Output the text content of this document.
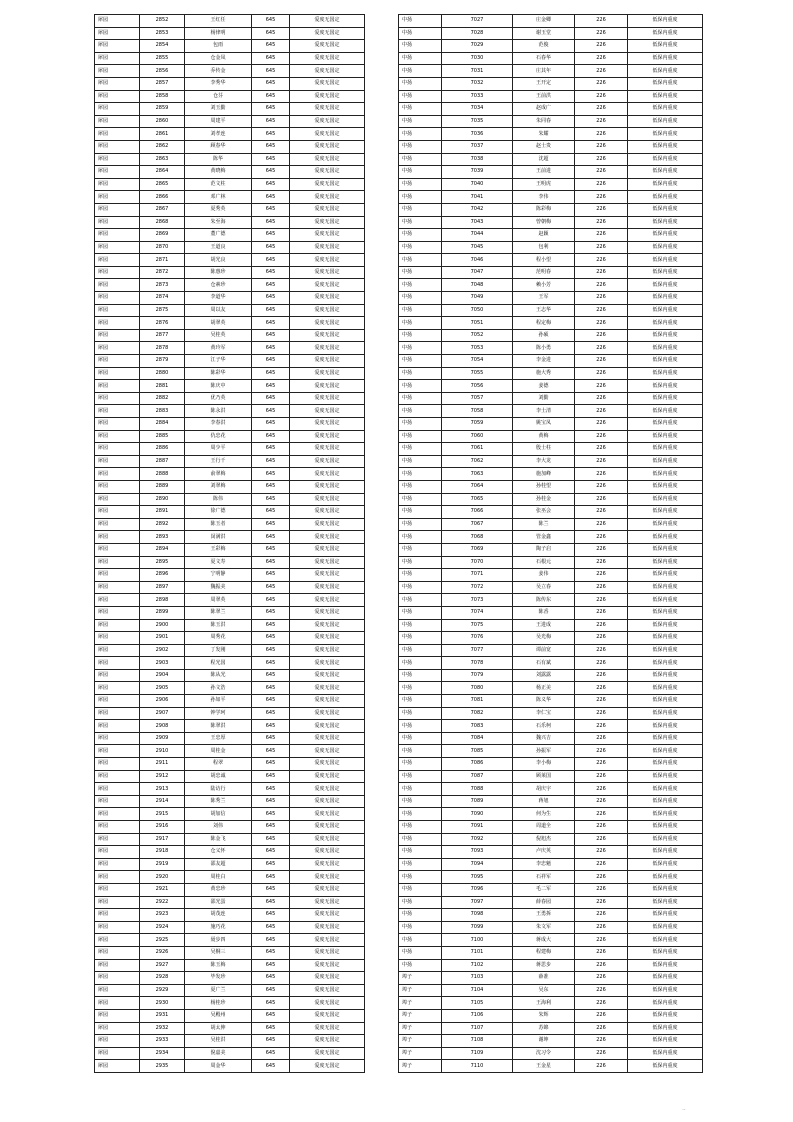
犀园	2852	王红任	645	爱度无国定
犀园	2853	杨律明	645	爱度无国定
犀园	2854	包雨	645	爱度无国定
犀园	2855	仓金凤	645	爱度无国定
犀园	2856	乔传金	645	爱度无国定
犀园	2857	李秀华	645	爱度无国定
犀园	2858	仓芬	645	爱度无国定
犀园	2859	刘玉勤	645	爱度无国定
犀园	2860	周建平	645	爱度无国定
犀园	2861	刘孝连	645	爱度无国定
犀园	2862	顾春华	645	爱度无国定
犀园	2863	陈华	645	爱度无国定
犀园	2864	黄晓梅	645	爱度无国定
犀园	2865	范文柱	645	爱度无国定
犀园	2866	邓广林	645	爱度无国定
犀园	2867	夏秀英	645	爱度无国定
犀园	2868	朱至海	645	爱度无国定
犀园	2869	董广德	645	爱度无国定
犀园	2870	王道良	645	爱度无国定
犀园	2871	胡光良	645	爱度无国定
犀园	2872	陈惠珍	645	爱度无国定
犀园	2873	仓素珍	645	爱度无国定
犀园	2874	李道华	645	爱度无国定
犀园	2875	周以友	645	爱度无国定
犀园	2876	胡翠英	645	爱度无国定
犀园	2877	吴桂英	645	爱度无国定
犀园	2878	黄玲军	645	爱度无国定
犀园	2879	江子华	645	爱度无国定
犀园	2880	陈彩华	645	爱度无国定
犀园	2881	陈庆中	645	爱度无国定
犀园	2882	优乃英	645	爱度无国定
犀园	2883	陈永洪	645	爱度无国定
犀园	2884	李春洪	645	爱度无国定
犀园	2885	仇忠花	645	爱度无国定
犀园	2886	周少平	645	爱度无国定
犀园	2887	王行千	645	爱度无国定
犀园	2888	俞翠梅	645	爱度无国定
犀园	2889	刘翠梅	645	爱度无国定
犀园	2890	陈伟	645	爱度无国定
犀园	2891	徐广德	645	爱度无国定
犀园	2892	陈玉者	645	爱度无国定
犀园	2893	闵满洪	645	爱度无国定
犀园	2894	王彩梅	645	爱度无国定
犀园	2895	夏文寿	645	爱度无国定
犀园	2896	宁明静	645	爱度无国定
犀园	2897	魏振美	645	爱度无国定
犀园	2898	周翠英	645	爱度无国定
犀园	2899	陈翠兰	645	爱度无国定
犀园	2900	陈玉洪	645	爱度无国定
犀园	2901	周秀花	645	爱度无国定
犀园	2902	丁发刚	645	爱度无国定
犀园	2903	程光国	645	爱度无国定
犀园	2904	陈从光	645	爱度无国定
犀园	2905	孙文浩	645	爱度无国定
犀园	2906	孙如平	645	爱度无国定
犀园	2907	钟学珂	645	爱度无国定
犀园	2908	陈翠洪	645	爱度无国定
犀园	2909	王忠厚	645	爱度无国定
犀园	2910	周桂金	645	爱度无国定
犀园	2911	程翠	645	爱度无国定
犀园	2912	胡忠诚	645	爱度无国定
犀园	2913	陆访行	645	爱度无国定
犀园	2914	陈秀兰	645	爱度无国定
犀园	2915	胡加信	645	爱度无国定
犀园	2916	刘伟	645	爱度无国定
犀园	2917	陈金飞	645	爱度无国定
犀园	2918	仓义怀	645	爱度无国定
犀园	2919	邵友超	645	爱度无国定
犀园	2920	周桂白	645	爱度无国定
犀园	2921	黄忠珍	645	爱度无国定
犀园	2922	邵光蛋	645	爱度无国定
犀园	2923	胡茂连	645	爱度无国定
犀园	2924	施巧花	645	爱度无国定
犀园	2925	聂步四	645	爱度无国定
犀园	2926	吴桐三	645	爱度无国定
犀园	2927	陈玉梅	645	爱度无国定
犀园	2928	毕发珍	645	爱度无国定
犀园	2929	夏广兰	645	爱度无国定
犀园	2930	杨桂珍	645	爱度无国定
犀园	2931	吴殿州	645	爱度无国定
犀园	2932	胡太伸	645	爱度无国定
犀园	2933	吴桂洪	645	爱度无国定
犀园	2934	倪嘉美	645	爱度无国定
犀园	2935	周金华	645	爱度无国定
中扬	7027	庄金卿	226	低保内重度
中扬	7028	谢玉堂	226	低保内重度
中扬	7029	范俊	226	低保内重度
中扬	7030	石春华	226	低保内重度
中扬	7031	庄其年	226	低保内重度
中扬	7032	王开定	226	低保内重度
中扬	7033	王前洪	226	低保内重度
中扬	7034	赵成广	226	低保内重度
中扬	7035	朱同春	226	低保内重度
中扬	7036	朱耀	226	低保内重度
中扬	7037	赵士贵	226	低保内重度
中扬	7038	沈超	226	低保内重度
中扬	7039	王前进	226	低保内重度
中扬	7040	王明虎	226	低保内重度
中扬	7041	李伟	226	低保内重度
中扬	7042	陈彩梅	226	低保内重度
中扬	7043	曾朝梅	226	低保内重度
中扬	7044	赵颖	226	低保内重度
中扬	7045	包利	226	低保内重度
中扬	7046	程小望	226	低保内重度
中扬	7047	范明春	226	低保内重度
中扬	7048	赖小芳	226	低保内重度
中扬	7049	王军	226	低保内重度
中扬	7050	王志华	226	低保内重度
中扬	7051	程定梅	226	低保内重度
中扬	7052	孙硕	226	低保内重度
中扬	7053	陈小勇	226	低保内重度
中扬	7054	李金进	226	低保内重度
中扬	7055	施大秀	226	低保内重度
中扬	7056	姜德	226	低保内重度
中扬	7057	刘勤	226	低保内重度
中扬	7058	李士清	226	低保内重度
中扬	7059	姚宝凤	226	低保内重度
中扬	7060	黄梅	226	低保内重度
中扬	7061	殷士柱	226	低保内重度
中扬	7062	李大龙	226	低保内重度
中扬	7063	施加峰	226	低保内重度
中扬	7064	孙桂望	226	低保内重度
中扬	7065	孙桂金	226	低保内重度
中扬	7066	张巫会	226	低保内重度
中扬	7067	陈兰	226	低保内重度
中扬	7068	管金鑫	226	低保内重度
中扬	7069	陶子启	226	低保内重度
中扬	7070	石根元	226	低保内重度
中扬	7071	姜伟	226	低保内重度
中扬	7072	吴立春	226	低保内重度
中扬	7073	陈传东	226	低保内重度
中扬	7074	陈香	226	低保内重度
中扬	7075	王进成	226	低保内重度
中扬	7076	吴光梅	226	低保内重度
中扬	7077	谭前宽	226	低保内重度
中扬	7078	石有斌	226	低保内重度
中扬	7079	刘露露	226	低保内重度
中扬	7080	杨正美	226	低保内重度
中扬	7081	陈义华	226	低保内重度
中扬	7082	李仁宝	226	低保内重度
中扬	7083	石乐柯	226	低保内重度
中扬	7084	魏兴吉	226	低保内重度
中扬	7085	孙振军	226	低保内重度
中扬	7086	李小梅	226	低保内重度
中扬	7087	顾莱国	226	低保内重度
中扬	7088	胡庆宇	226	低保内重度
中扬	7089	蒋旭	226	低保内重度
中扬	7090	何为生	226	低保内重度
中扬	7091	周道全	226	低保内重度
中扬	7092	倪旭杰	226	低保内重度
中扬	7093	卢庆英	226	低保内重度
中扬	7094	李忠魁	226	低保内重度
中扬	7095	石祥军	226	低保内重度
中扬	7096	毛二军	226	低保内重度
中扬	7097	薛春园	226	低保内重度
中扬	7098	王勇拆	226	低保内重度
中扬	7099	朱文军	226	低保内重度
中扬	7100	蒋成大	226	低保内重度
中扬	7101	程建梅	226	低保内重度
中扬	7102	蒋思步	226	低保内重度
埠子	7103	薛准	226	低保内重度
埠子	7104	吴东	226	低保内重度
埠子	7105	王海利	226	低保内重度
埠子	7106	朱辉	226	低保内重度
埠子	7107	苏锦	226	低保内重度
埠子	7108	谢坤	226	低保内重度
埠子	7109	沈习令	226	低保内重度
埠子	7110	王金星	226	低保内重度
ᐧᐧ
